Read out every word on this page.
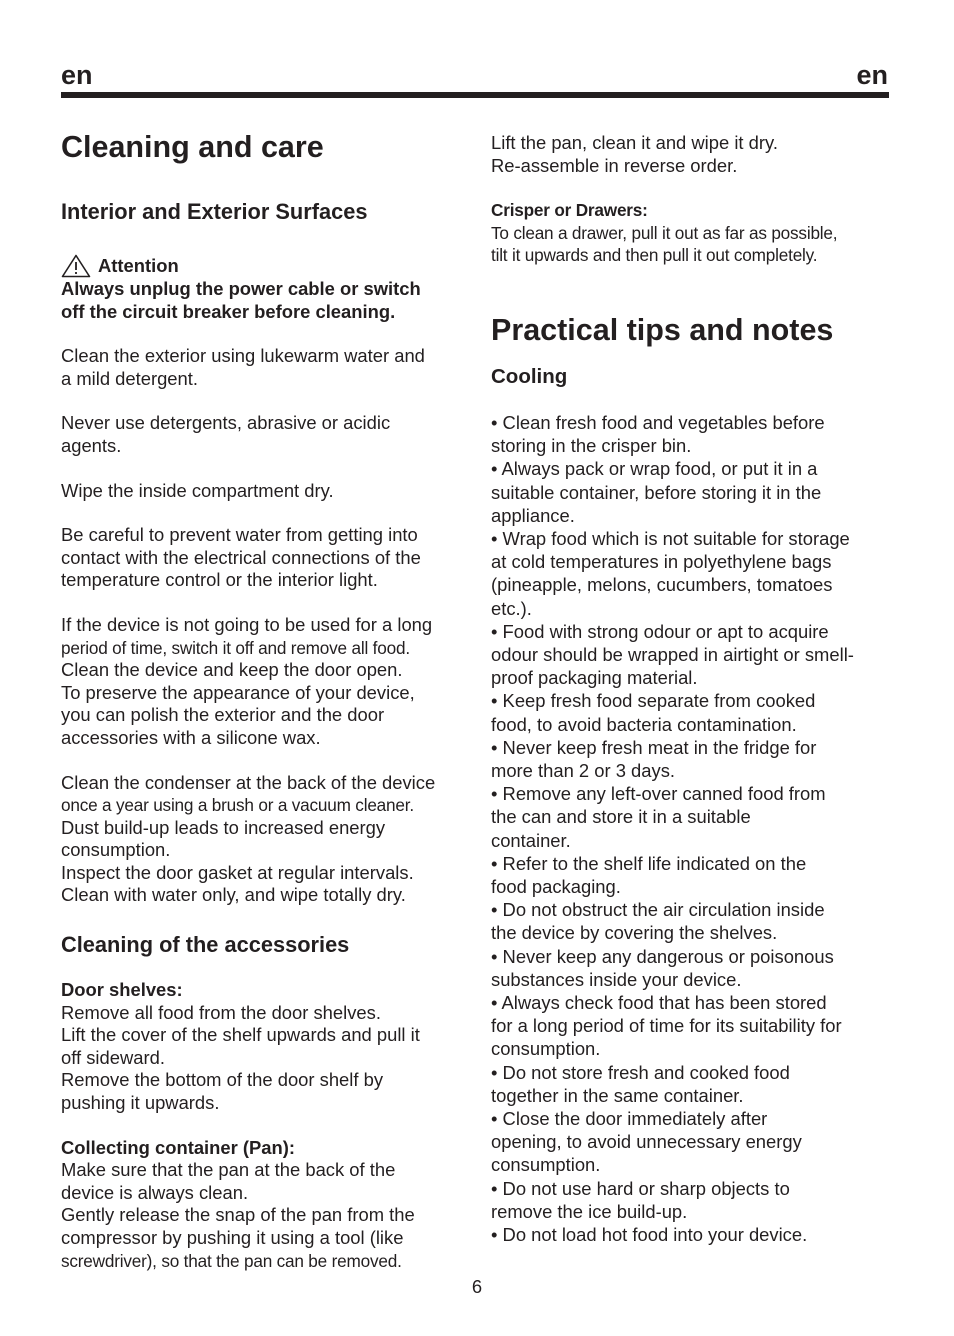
en	en

Cleaning and care

Interior and Exterior Surfaces

Attention

Always unplug the power cable or switch

off the circuit breaker before cleaning.

Clean the exterior using lukewarm water and

a mild detergent.

Never use detergents, abrasive or acidic

agents.

Wipe the inside compartment dry.

Be careful to prevent water from getting into

contact with the electrical connections of the

temperature control or the interior light.

If the device is not going to be used for a long

period of time, switch it off and remove all food.

Clean the device and keep the door open.

To preserve the appearance of your device,

you can polish the exterior and the door

accessories with a silicone wax.

Clean the condenser at the back of the device

once a year using a brush or a vacuum cleaner.

Dust build-up leads to increased energy

consumption.

Inspect the door gasket at regular intervals.

Clean with water only, and wipe totally dry.

Cleaning of the accessories

Door shelves:

Remove all food from the door shelves.

Lift the cover of the shelf upwards and pull it

off sideward.

Remove the bottom of the door shelf by

pushing it upwards.

Collecting container (Pan):

Make sure that the pan at the back of the

device is always clean.

Gently release the snap of the pan from the

compressor by pushing it using a tool (like

screwdriver), so that the pan can be removed.

Lift the pan, clean it and wipe it dry.

Re-assemble in reverse order.

Crisper or Drawers:

To clean a drawer, pull it out as far as possible,

tilt it upwards and then pull it out completely.

Practical tips and notes

Cooling

• Clean fresh food and vegetables before

storing in the crisper bin.

• Always pack or wrap food, or put it in a

suitable container, before storing it in the

appliance.

• Wrap food which is not suitable for storage

at cold temperatures in polyethylene bags

(pineapple, melons, cucumbers, tomatoes

etc.).

• Food with strong odour or apt to acquire

odour should be wrapped in airtight or smell-

proof packaging material.

• Keep fresh food separate from cooked

food, to avoid bacteria contamination.

• Never keep fresh meat in the fridge for

more than 2 or 3 days.

• Remove any left-over canned food from

the can and store it in a suitable

container.

• Refer to the shelf life indicated on the

food packaging.

• Do not obstruct the air circulation inside

the device by covering the shelves.

• Never keep any dangerous or poisonous

substances inside your device.

• Always check food that has been stored

for a long period of time for its suitability for

consumption.

• Do not store fresh and cooked food

together in the same container.

• Close the door immediately after

opening, to avoid unnecessary energy

consumption.

• Do not use hard or sharp objects to

remove the ice build-up.

• Do not load hot food into your device.

6
